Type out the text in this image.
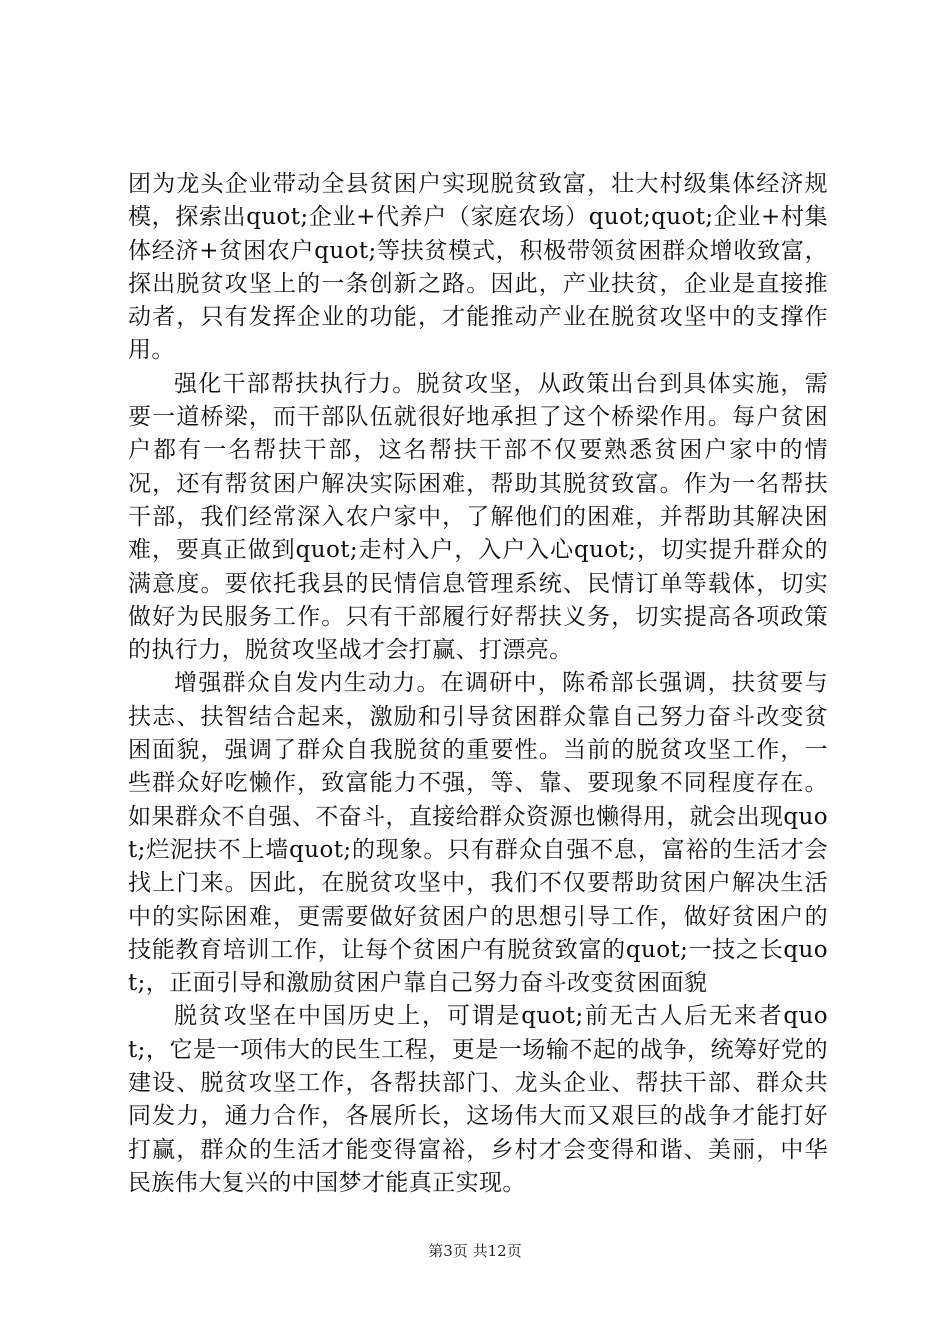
团为龙头企业带动全县贫困户实现脱贫致富，壮大村级集体经济规模，探索出quot;企业+代养户（家庭农场）quot;quot;企业+村集体经济+贫困农户quot;等扶贫模式，积极带领贫困群众增收致富，探出脱贫攻坚上的一条创新之路。因此，产业扶贫，企业是直接推动者，只有发挥企业的功能，才能推动产业在脱贫攻坚中的支撑作用。

强化干部帮扶执行力。脱贫攻坚，从政策出台到具体实施，需要一道桥梁，而干部队伍就很好地承担了这个桥梁作用。每户贫困户都有一名帮扶干部，这名帮扶干部不仅要熟悉贫困户家中的情况，还有帮贫困户解决实际困难，帮助其脱贫致富。作为一名帮扶干部，我们经常深入农户家中，了解他们的困难，并帮助其解决困难，要真正做到quot;走村入户，入户入心quot;，切实提升群众的满意度。要依托我县的民情信息管理系统、民情订单等载体，切实做好为民服务工作。只有干部履行好帮扶义务，切实提高各项政策的执行力，脱贫攻坚战才会打赢、打漂亮。

增强群众自发内生动力。在调研中，陈希部长强调，扶贫要与扶志、扶智结合起来，激励和引导贫困群众靠自己努力奋斗改变贫困面貌，强调了群众自我脱贫的重要性。当前的脱贫攻坚工作，一些群众好吃懒作，致富能力不强，等、靠、要现象不同程度存在。如果群众不自强、不奋斗，直接给群众资源也懒得用，就会出现quot;烂泥扶不上墙quot;的现象。只有群众自强不息，富裕的生活才会找上门来。因此，在脱贫攻坚中，我们不仅要帮助贫困户解决生活中的实际困难，更需要做好贫困户的思想引导工作，做好贫困户的技能教育培训工作，让每个贫困户有脱贫致富的quot;一技之长quot;，正面引导和激励贫困户靠自己努力奋斗改变贫困面貌

脱贫攻坚在中国历史上，可谓是quot;前无古人后无来者quot;，它是一项伟大的民生工程，更是一场输不起的战争，统筹好党的建设、脱贫攻坚工作，各帮扶部门、龙头企业、帮扶干部、群众共同发力，通力合作，各展所长，这场伟大而又艰巨的战争才能打好打赢，群众的生活才能变得富裕，乡村才会变得和谐、美丽，中华民族伟大复兴的中国梦才能真正实现。

第3页 共12页
